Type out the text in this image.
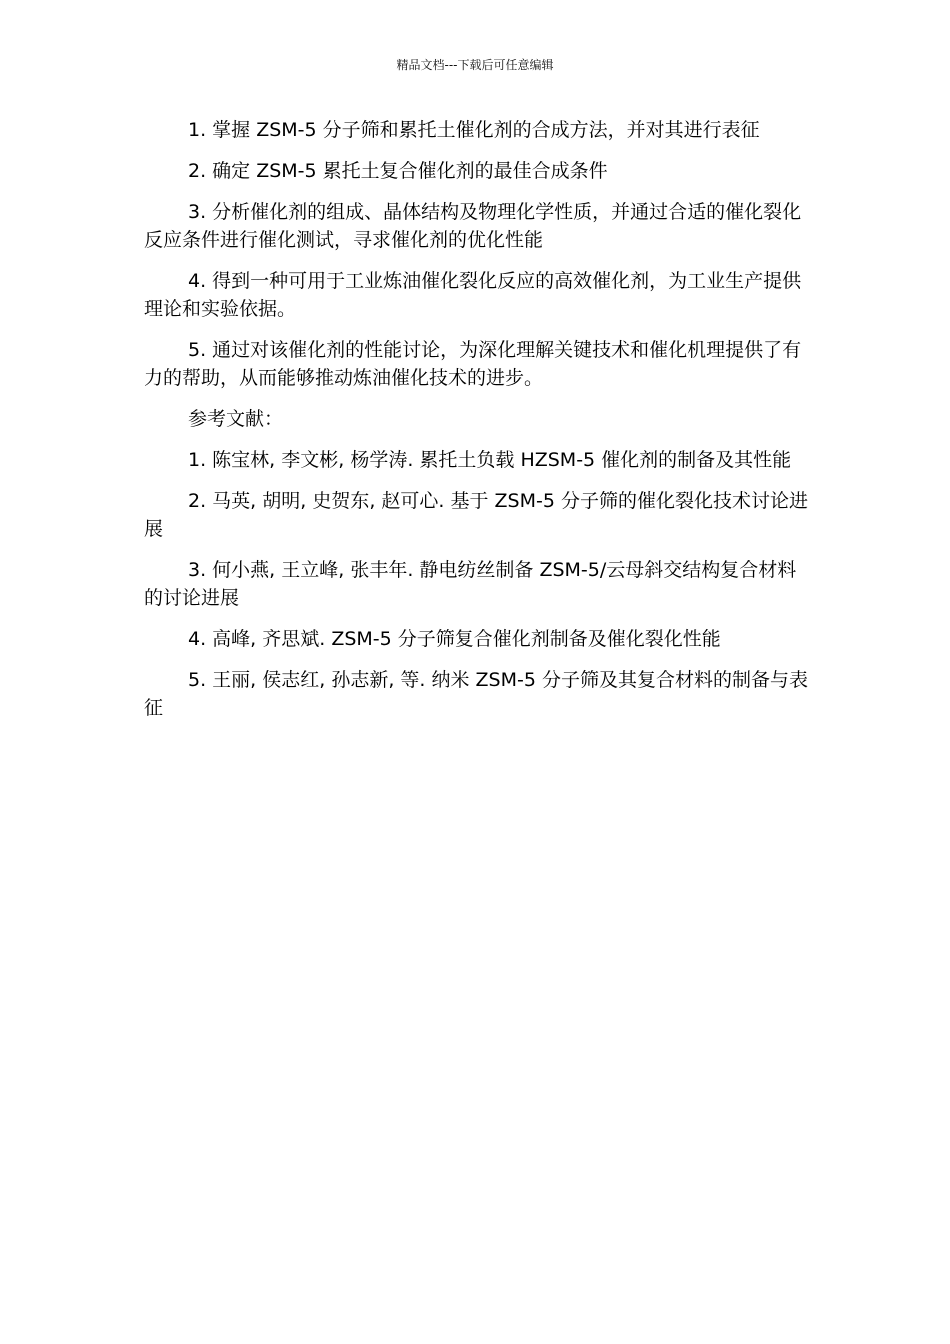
精品文档---下载后可任意编辑

1. 掌握 ZSM-5 分子筛和累托土催化剂的合成方法，并对其进行表征

2. 确定 ZSM-5 累托土复合催化剂的最佳合成条件

3. 分析催化剂的组成、晶体结构及物理化学性质，并通过合适的催化裂化反应条件进行催化测试，寻求催化剂的优化性能

4. 得到一种可用于工业炼油催化裂化反应的高效催化剂，为工业生产提供理论和实验依据。

5. 通过对该催化剂的性能讨论，为深化理解关键技术和催化机理提供了有力的帮助，从而能够推动炼油催化技术的进步。

参考文献：

1. 陈宝林, 李文彬, 杨学涛. 累托土负载 HZSM-5 催化剂的制备及其性能

2. 马英, 胡明, 史贺东, 赵可心. 基于 ZSM-5 分子筛的催化裂化技术讨论进展

3. 何小燕, 王立峰, 张丰年. 静电纺丝制备 ZSM-5/云母斜交结构复合材料的讨论进展

4. 高峰, 齐思斌. ZSM-5 分子筛复合催化剂制备及催化裂化性能

5. 王丽, 侯志红, 孙志新, 等. 纳米 ZSM-5 分子筛及其复合材料的制备与表征
